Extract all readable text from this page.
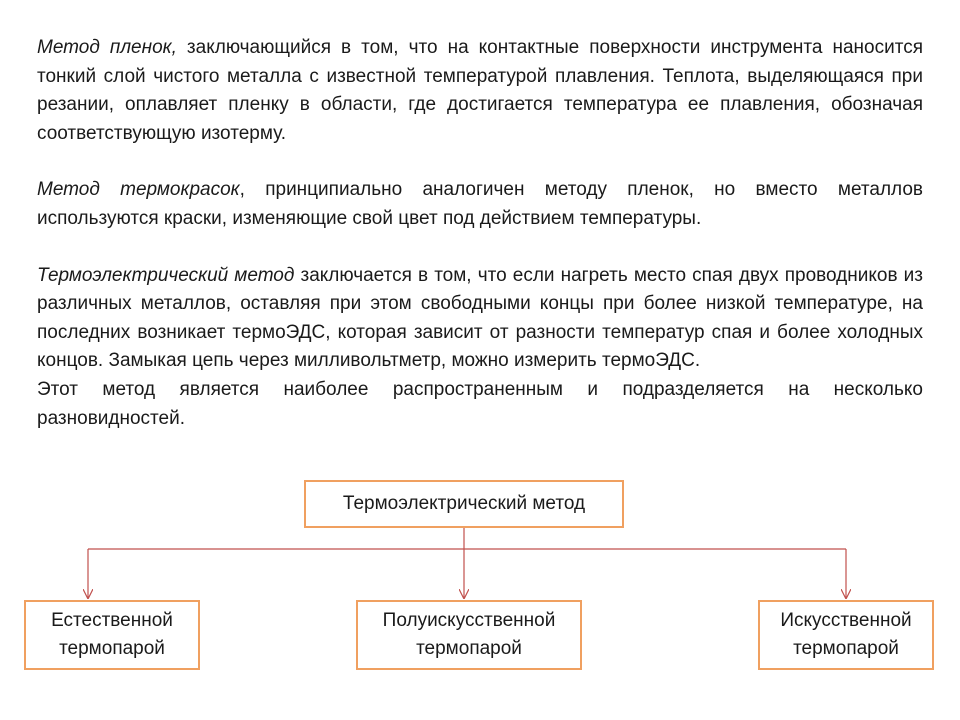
Метод пленок, заключающийся в том, что на контактные поверхности инструмента наносится тонкий слой чистого металла с известной температурой плавления. Теплота, выделяющаяся при резании, оплавляет пленку в области, где достигается температура ее плавления, обозначая соответствующую изотерму.

Метод термокрасок, принципиально аналогичен методу пленок, но вместо металлов используются краски, изменяющие свой цвет под действием температуры.

Термоэлектрический метод заключается в том, что если нагреть место спая двух проводников из различных металлов, оставляя при этом свободными концы при более низкой температуре, на последних возникает термоЭДС, которая зависит от разности температур спая и более холодных концов. Замыкая цепь через милливольтметр, можно измерить термоЭДС.

Этот метод является наиболее распространенным и подразделяется на несколько разновидностей.

Термоэлектрический метод
Естественной
термопарой
Полуискусственной
термопарой
Искусственной
термопарой
